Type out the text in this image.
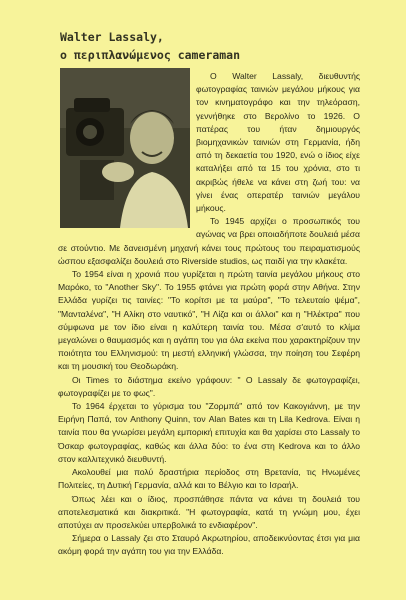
Walter Lassaly,
ο περιπλανώμενος cameraman

Ο Walter Lassaly, διευθυντής φωτογραφίας ταινιών μεγάλου μήκους για τον κινηματογράφο και την τηλεόραση, γεννήθηκε στο Βερολίνο το 1926. Ο πατέρας του ήταν δημιουργός βιομηχανικών ταινιών στη Γερμανία, ήδη από τη δεκαετία του 1920, ενώ ο ίδιος είχε καταλήξει από τα 15 του χρόνια, στο τι ακριβώς ήθελε να κάνει στη ζωή του: να γίνει ένας οπερατέρ ταινιών μεγάλου μήκους.

Το 1945 αρχίζει ο προσωπικός του αγώνας να βρει οποιαδήποτε δουλειά μέσα σε στούντιο. Με δανεισμένη μηχανή κάνει τους πρώτους του πειραματισμούς ώσπου εξασφαλίζει δουλειά στο Riverside studios, ως παιδί για την κλακέτα.

Το 1954 είναι η χρονιά που γυρίζεται η πρώτη ταινία μεγάλου μήκους στο Μαρόκο, το "Another Sky". Το 1955 φτάνει για πρώτη φορά στην Αθήνα. Στην Ελλάδα γυρίζει τις ταινίες: "Το κορίτσι με τα μαύρα", "Το τελευταίο ψέμα", "Μανταλένα", "Η Αλίκη στο ναυτικό", "Η Λίζα και οι άλλοι" και η "Ηλέκτρα" που σύμφωνα με τον ίδιο είναι η καλύτερη ταινία του. Μέσα σ'αυτό το κλίμα μεγαλώνει ο θαυμασμός και η αγάπη του για όλα εκείνα που χαρακτηρίζουν την ποιότητα του Ελληνισμού: τη μεστή ελληνική γλώσσα, την ποίηση του Σεφέρη και τη μουσική του Θεοδωράκη.

Οι Times το διάστημα εκείνο γράφουν: " Ο Lassaly δε φωτογραφίζει, φωτογραφίζει με το φως".

Το 1964 έρχεται το γύρισμα του "Ζορμπά" από τον Κακογιάννη, με την Ειρήνη Παπά, τον Anthony Quinn, τον Alan Bates και τη Lila Kedrova. Είναι η ταινία που θα γνωρίσει μεγάλη εμπορική επιτυχία και θα χαρίσει στο Lassaly το Όσκαρ φωτογραφίας, καθώς και άλλα δύο: το ένα στη Kedrova και το άλλο στον καλλιτεχνικό διευθυντή.

Ακολουθεί μια πολύ δραστήρια περίοδος στη Βρετανία, τις Ηνωμένες Πολιτείες, τη Δυτική Γερμανία, αλλά και το Βέλγιο και το Ισραήλ.

Όπως λέει και ο ίδιος, προσπάθησε πάντα να κάνει τη δουλειά του αποτελεσματικά και διακριτικά. "Η φωτογραφία, κατά τη γνώμη μου, έχει αποτύχει αν προσελκύει υπερβολικά το ενδιαφέρον".

Σήμερα ο Lassaly ζει στο Σταυρό Ακρωτηρίου, αποδεικνύοντας έτσι για μια ακόμη φορά την αγάπη του για την Ελλάδα.
